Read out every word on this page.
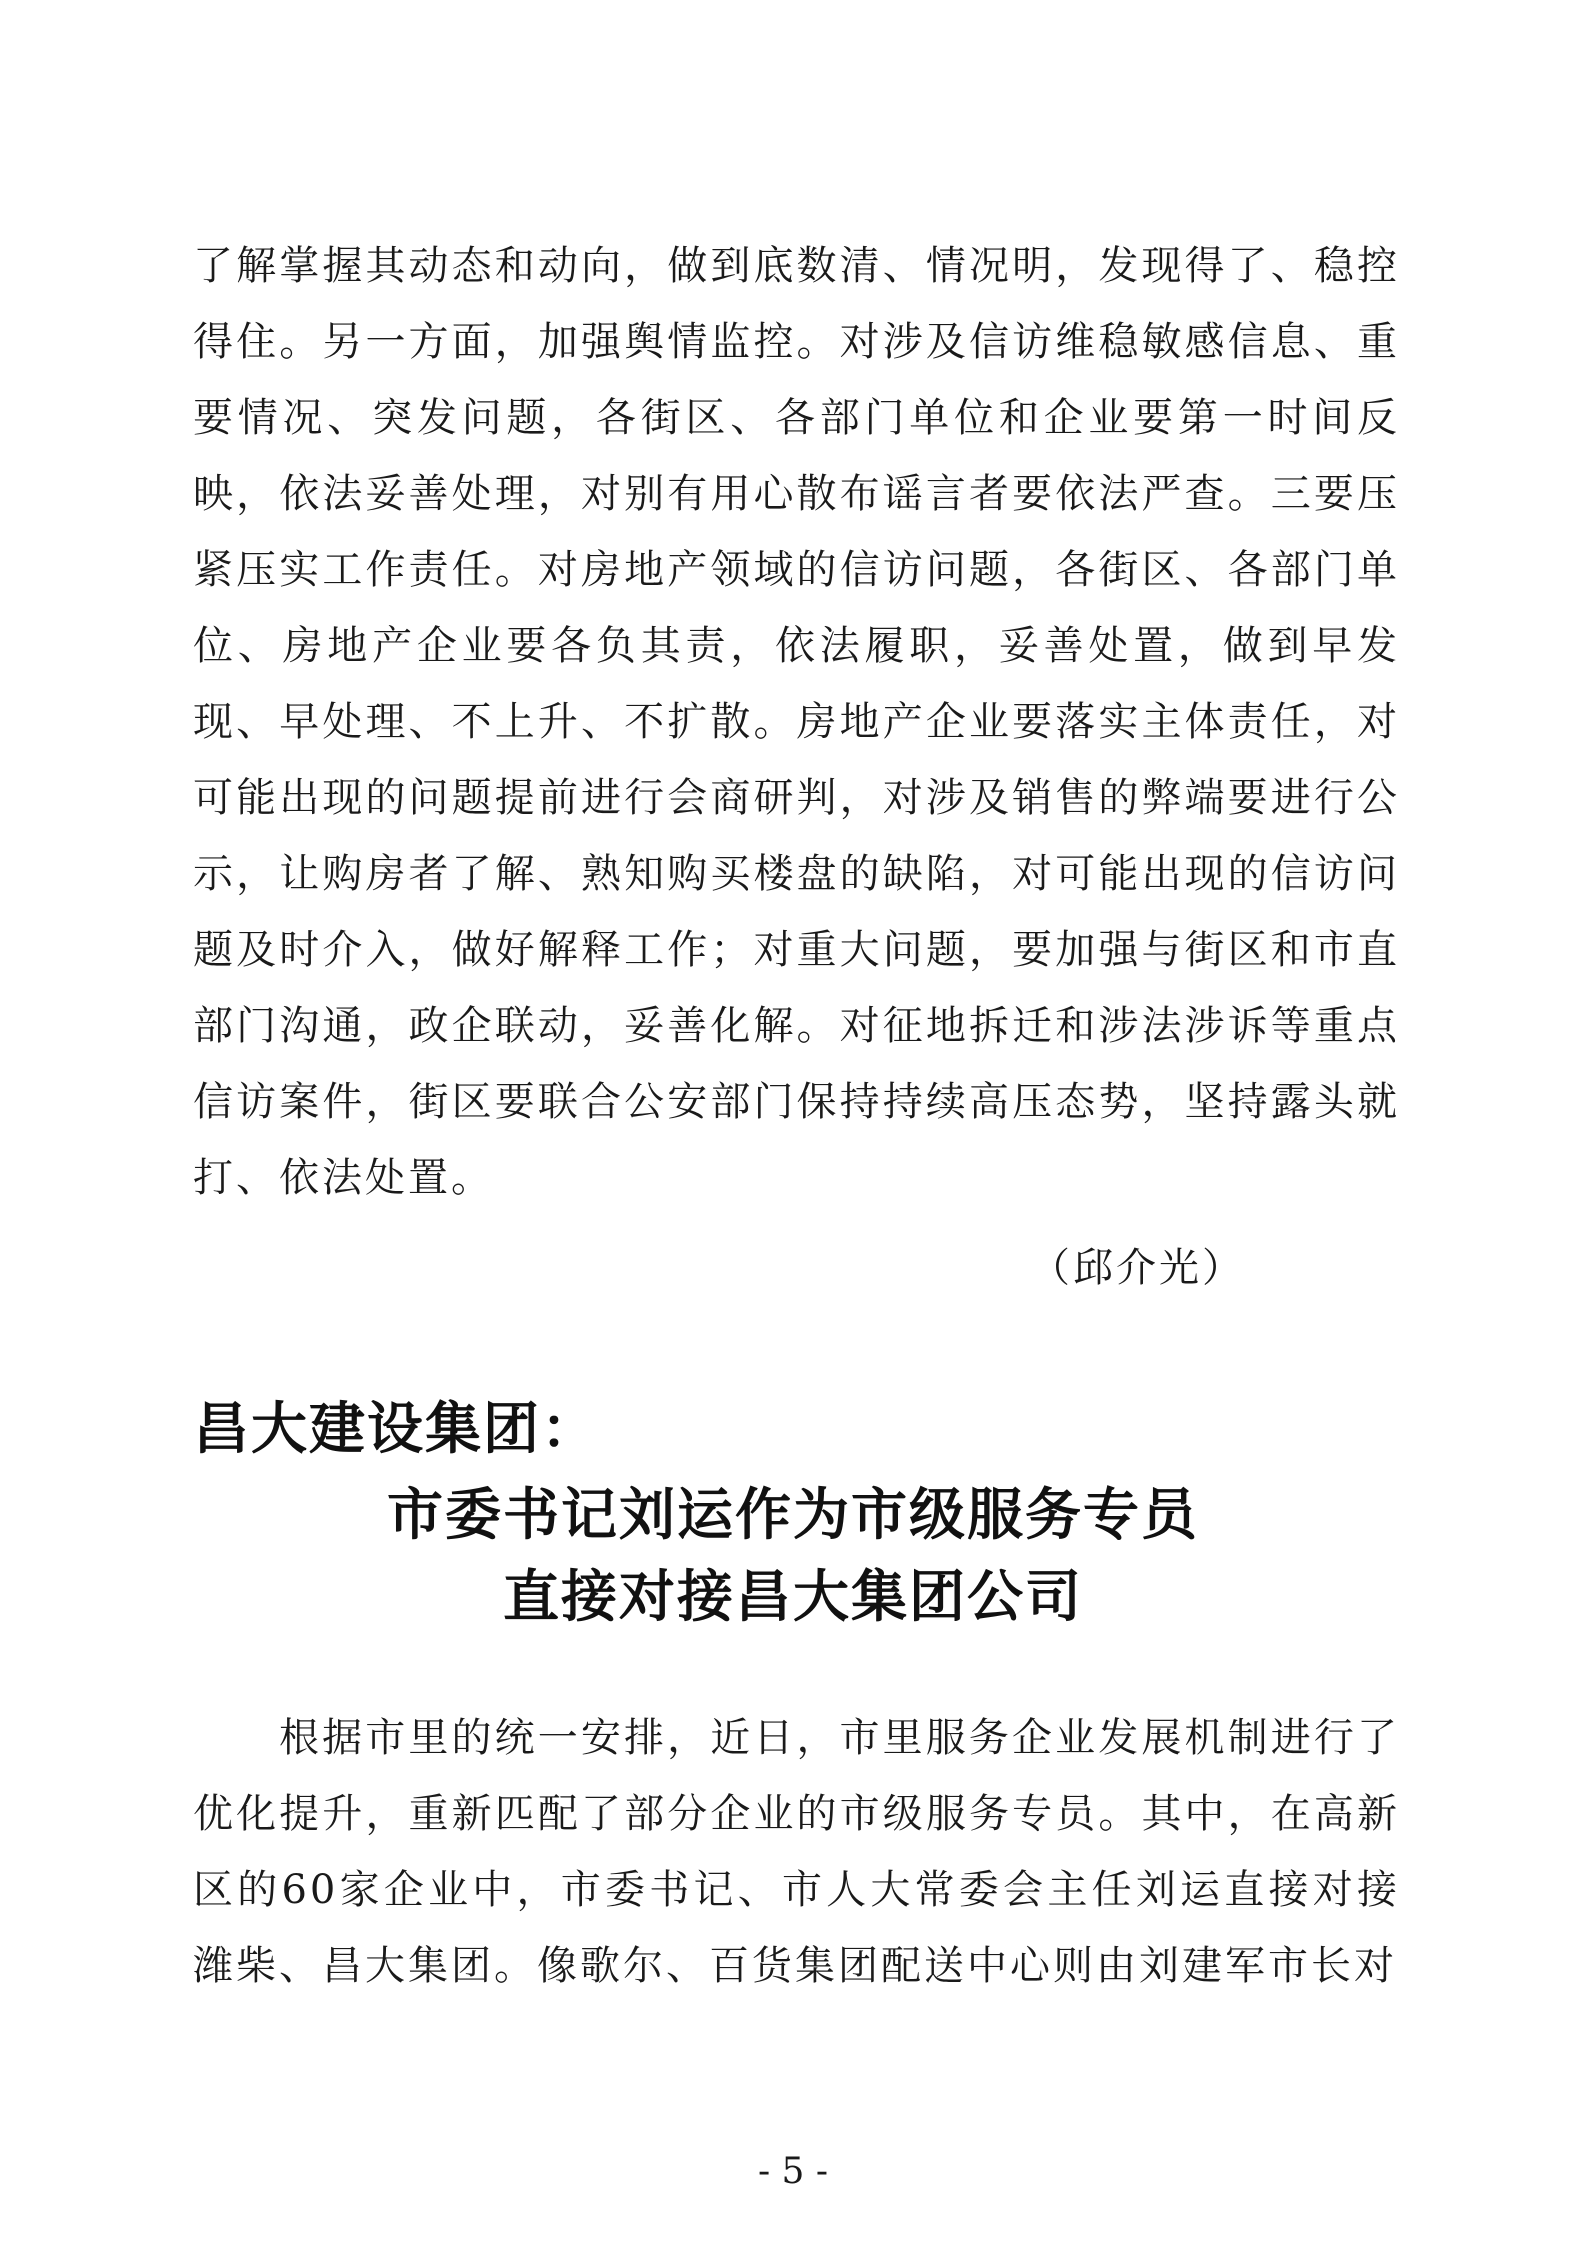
了解掌握其动态和动向，做到底数清、情况明，发现得了、稳控得住。另一方面，加强舆情监控。对涉及信访维稳敏感信息、重要情况、突发问题，各街区、各部门单位和企业要第一时间反映，依法妥善处理，对别有用心散布谣言者要依法严查。三要压紧压实工作责任。对房地产领域的信访问题，各街区、各部门单位、房地产企业要各负其责，依法履职，妥善处置，做到早发现、早处理、不上升、不扩散。房地产企业要落实主体责任，对可能出现的问题提前进行会商研判，对涉及销售的弊端要进行公示，让购房者了解、熟知购买楼盘的缺陷，对可能出现的信访问题及时介入，做好解释工作；对重大问题，要加强与街区和市直部门沟通，政企联动，妥善化解。对征地拆迁和涉法涉诉等重点信访案件，街区要联合公安部门保持持续高压态势，坚持露头就打、依法处置。

（邱介光）
昌大建设集团：
市委书记刘运作为市级服务专员
直接对接昌大集团公司

根据市里的统一安排，近日，市里服务企业发展机制进行了优化提升，重新匹配了部分企业的市级服务专员。其中，在高新区的60家企业中，市委书记、市人大常委会主任刘运直接对接潍柴、昌大集团。像歌尔、百货集团配送中心则由刘建军市长对

- 5 -
